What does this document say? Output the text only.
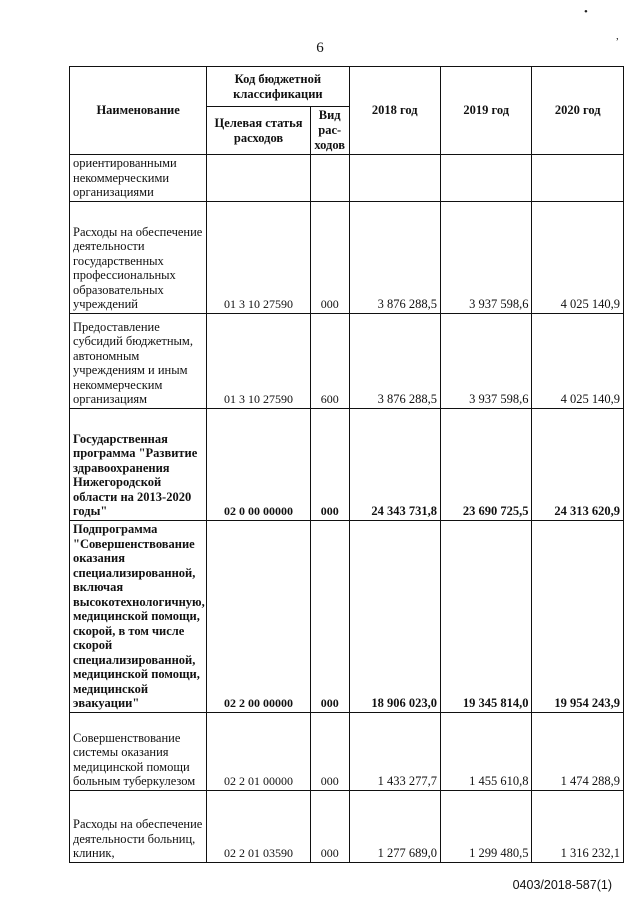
•
,
6
Наименование	Код бюджетной классификации		2018 год	2019 год	2020 год
	Целевая статья расходов	Вид рас-ходов			
ориентированными некоммерческими организациями					
Расходы на обеспечение деятельности государственных профессиональных образовательных учреждений	01 3 10 27590	000	3 876 288,5	3 937 598,6	4 025 140,9
Предоставление субсидий бюджетным, автономным учреждениям и иным некоммерческим организациям	01 3 10 27590	600	3 876 288,5	3 937 598,6	4 025 140,9
Государственная программа "Развитие здравоохранения Нижегородской области на 2013-2020 годы"	02 0 00 00000	000	24 343 731,8	23 690 725,5	24 313 620,9
Подпрограмма "Совершенствование оказания специализированной, включая высокотехнологичную, медицинской помощи, скорой, в том числе скорой специализированной, медицинской помощи, медицинской эвакуации"	02 2 00 00000	000	18 906 023,0	19 345 814,0	19 954 243,9
Совершенствование системы оказания медицинской помощи больным туберкулезом	02 2 01 00000	000	1 433 277,7	1 455 610,8	1 474 288,9
Расходы на обеспечение деятельности больниц, клиник,	02 2 01 03590	000	1 277 689,0	1 299 480,5	1 316 232,1
0403/2018-587(1)
